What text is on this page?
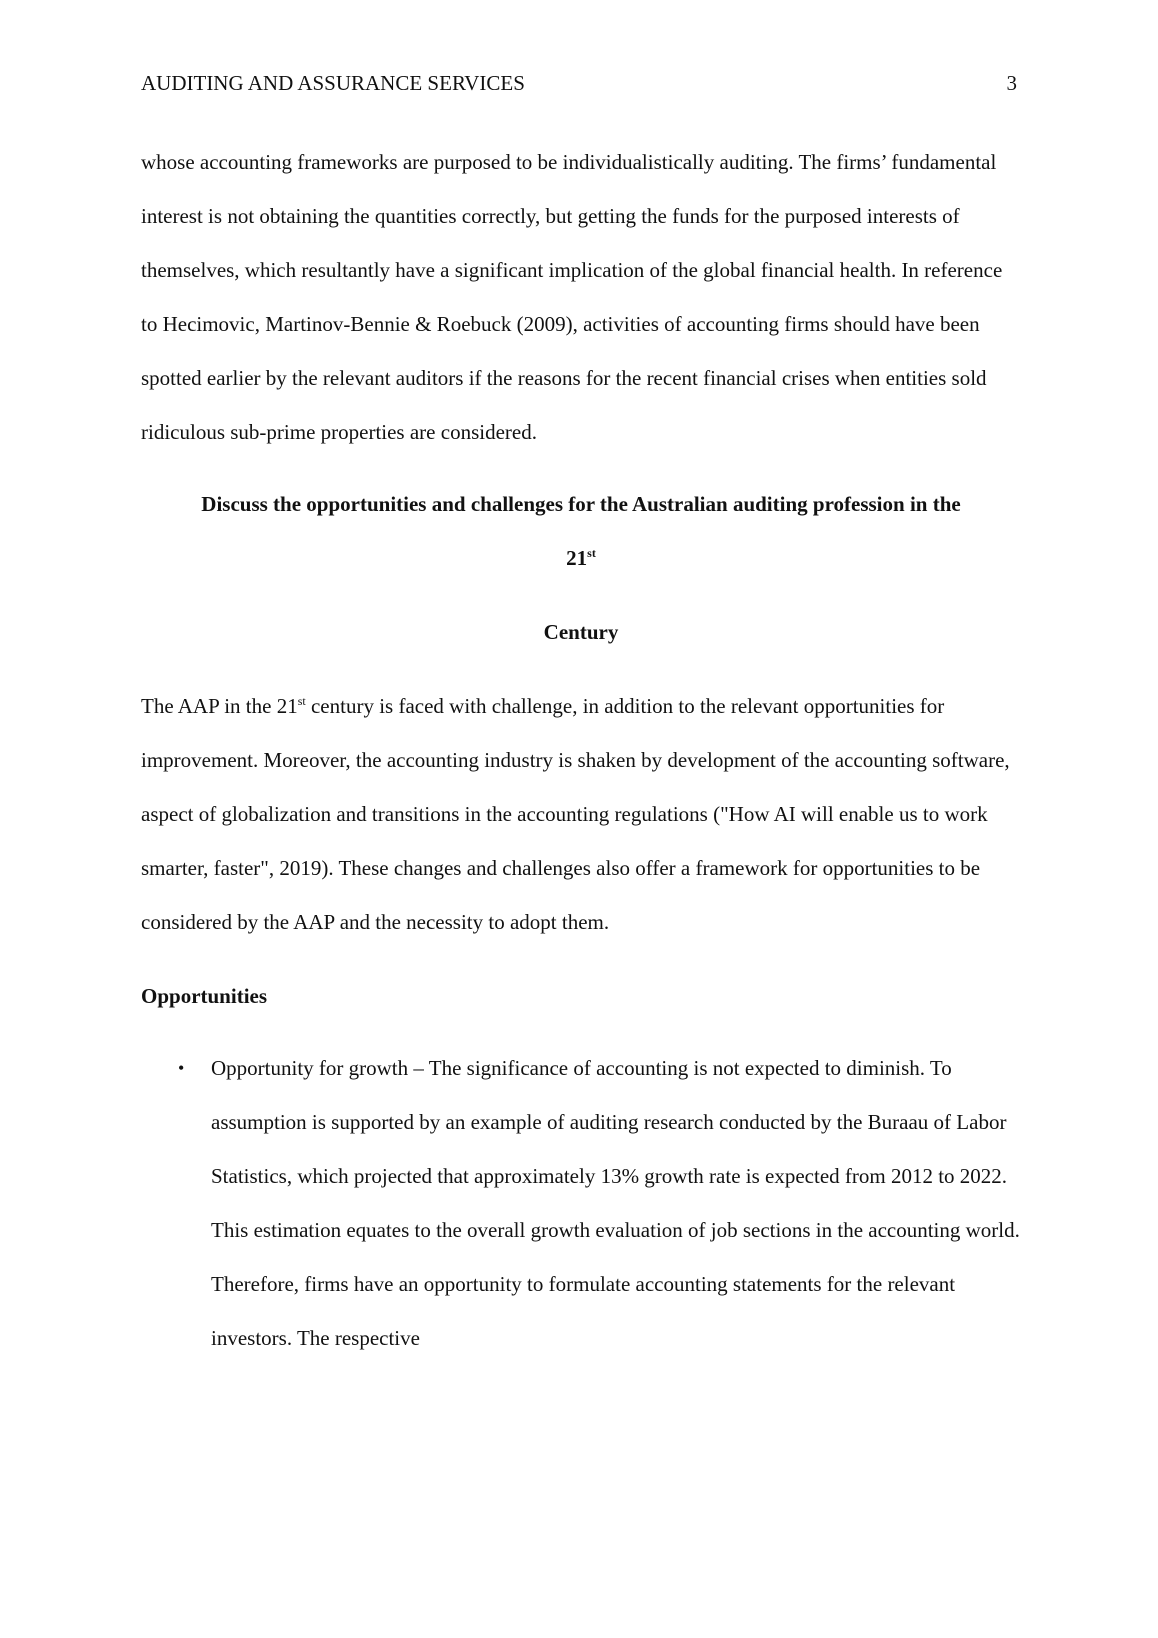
AUDITING AND ASSURANCE SERVICES	3

whose accounting frameworks are purposed to be individualistically auditing. The firms’ fundamental interest is not obtaining the quantities correctly, but getting the funds for the purposed interests of themselves, which resultantly have a significant implication of the global financial health. In reference to Hecimovic, Martinov-Bennie & Roebuck (2009), activities of accounting firms should have been spotted earlier by the relevant auditors if the reasons for the recent financial crises when entities sold ridiculous sub-prime properties are considered.

Discuss the opportunities and challenges for the Australian auditing profession in the

21st

Century

The AAP in the 21st century is faced with challenge, in addition to the relevant opportunities for improvement. Moreover, the accounting industry is shaken by development of the accounting software, aspect of globalization and transitions in the accounting regulations ("How AI will enable us to work smarter, faster", 2019). These changes and challenges also offer a framework for opportunities to be considered by the AAP and the necessity to adopt them.

Opportunities

• Opportunity for growth – The significance of accounting is not expected to diminish. To assumption is supported by an example of auditing research conducted by the Buraau of Labor Statistics, which projected that approximately 13% growth rate is expected from 2012 to 2022. This estimation equates to the overall growth evaluation of job sections in the accounting world. Therefore, firms have an opportunity to formulate accounting statements for the relevant investors. The respective
